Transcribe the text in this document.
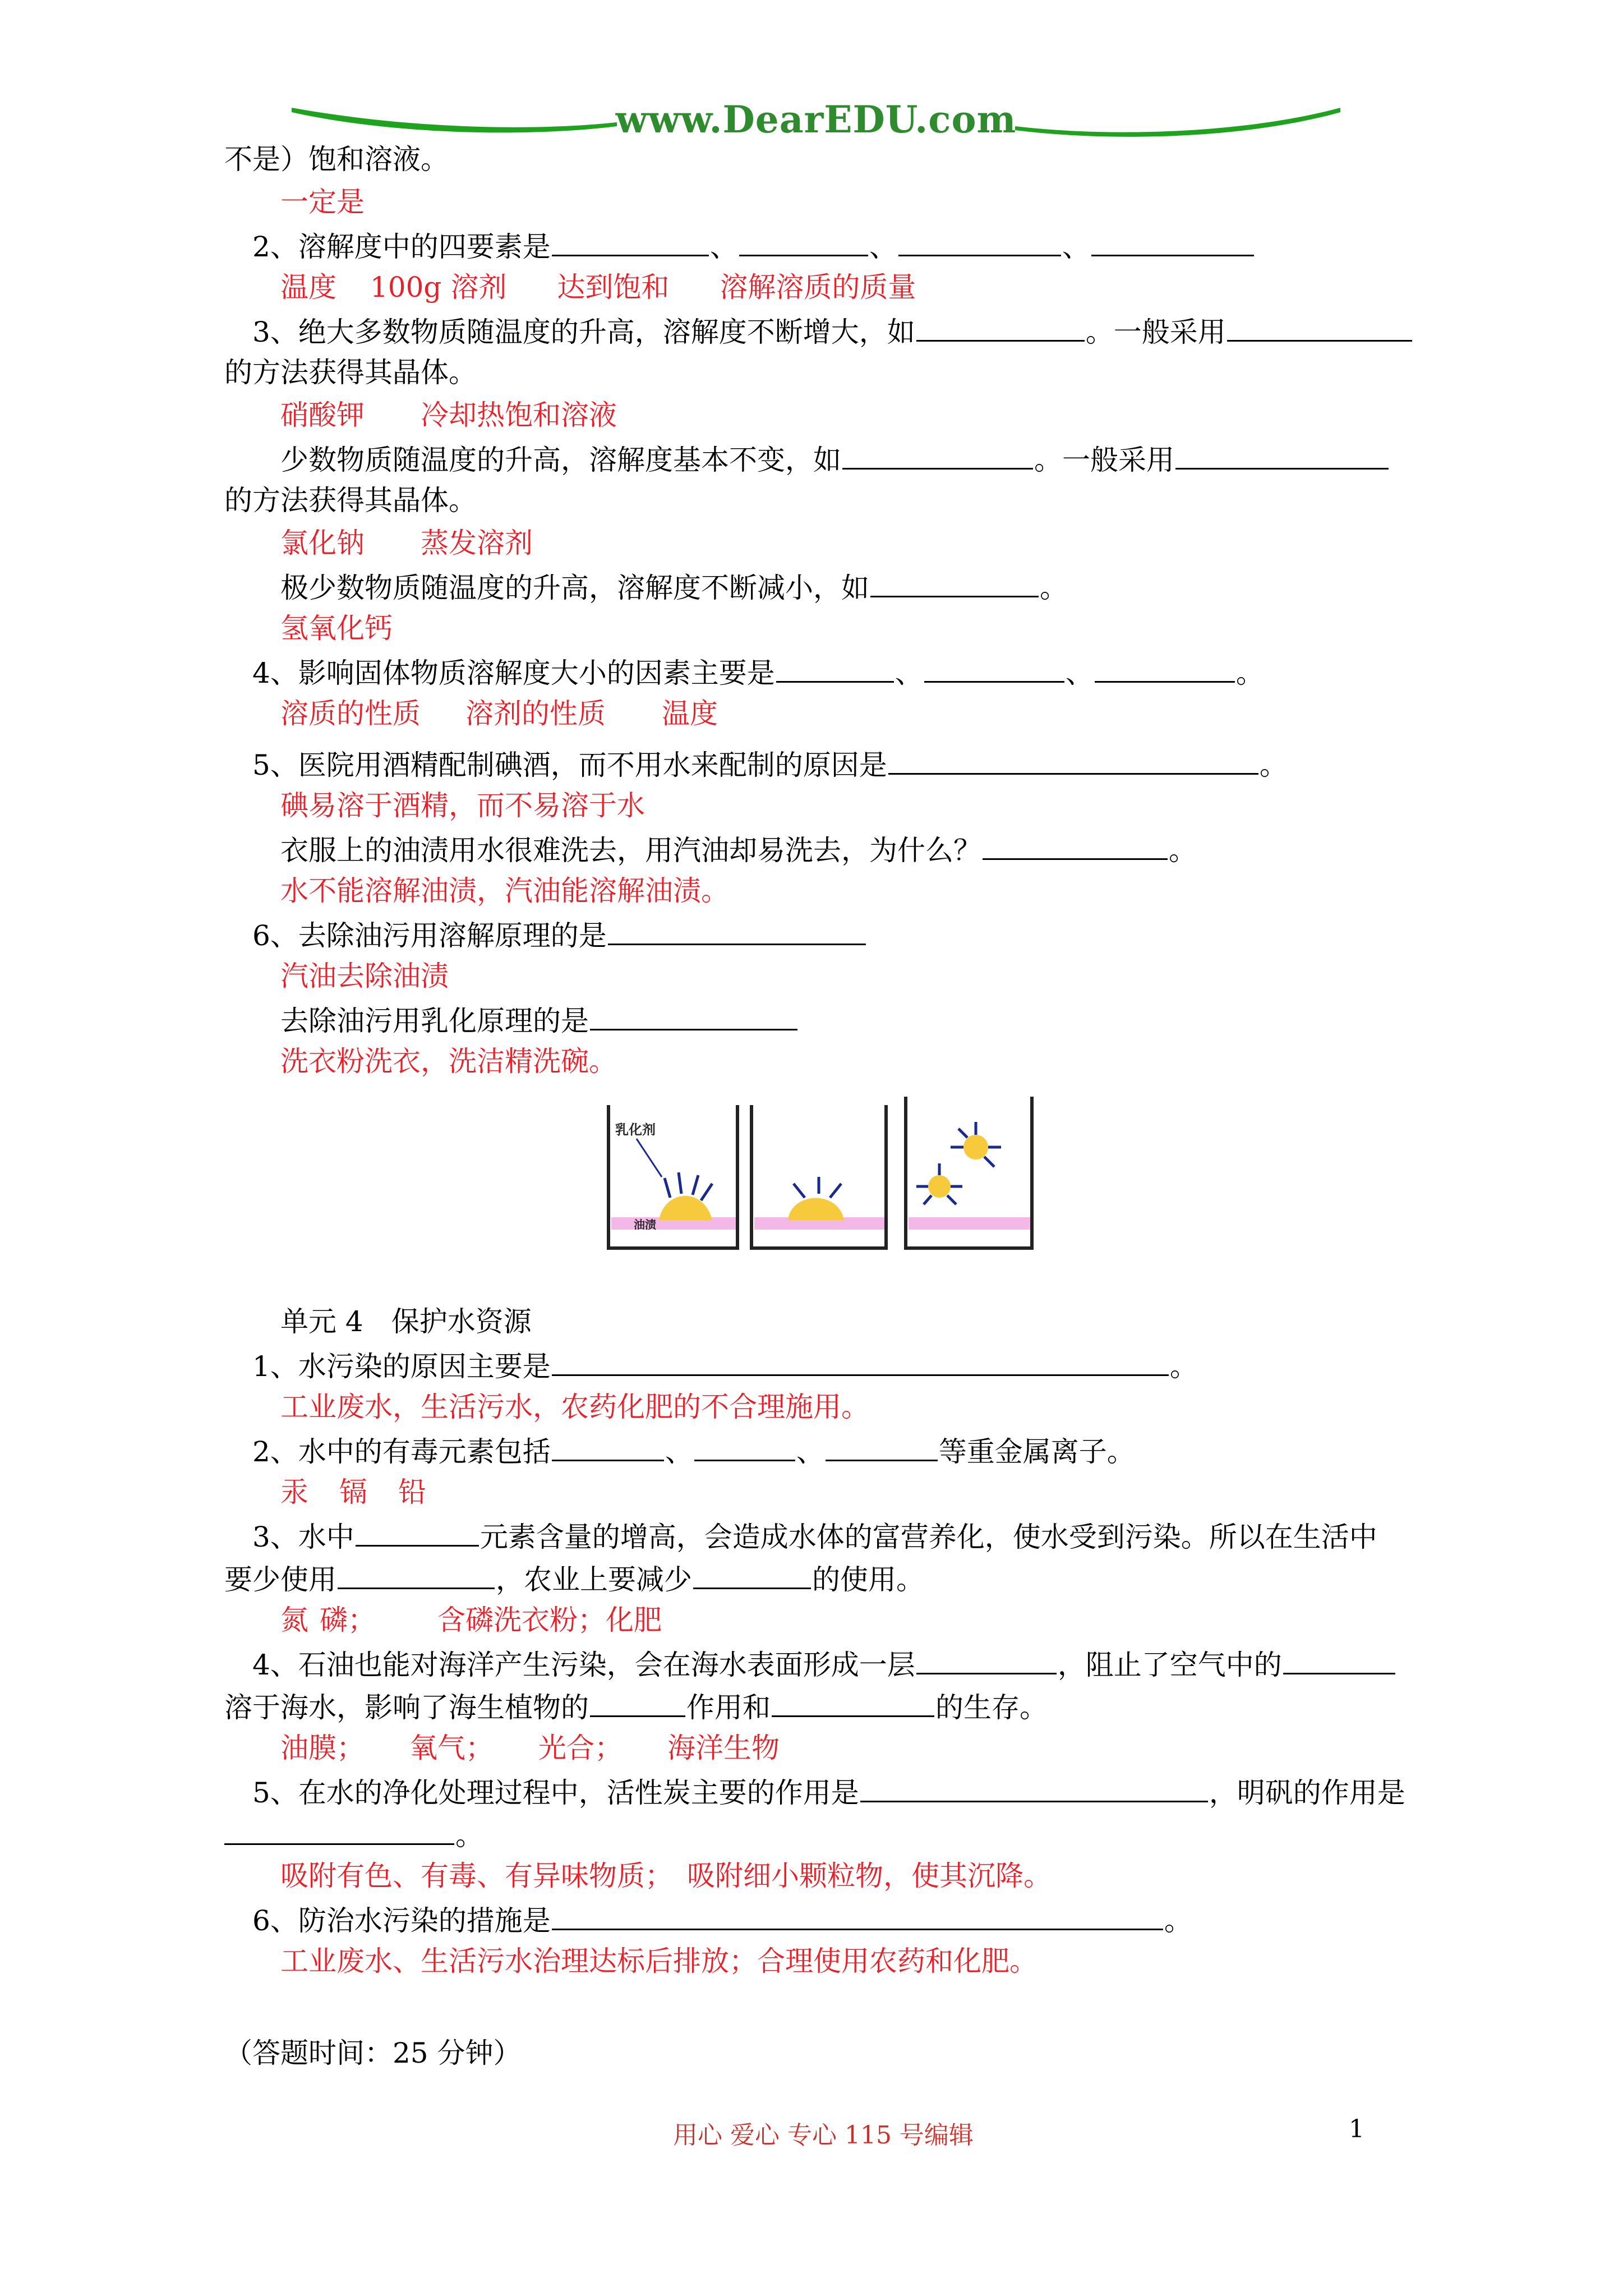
www.DearEDU.com
不是）饱和溶液。
一定是
2、溶解度中的四要素是	、	、	、
温度 100g 溶剂 达到饱和 溶解溶质的质量
3、绝大多数物质随温度的升高，溶解度不断增大，如	。一般采用
的方法获得其晶体。
硝酸钾 冷却热饱和溶液
少数物质随温度的升高，溶解度基本不变，如	。一般采用
的方法获得其晶体。
氯化钠 蒸发溶剂
极少数物质随温度的升高，溶解度不断减小，如	。
氢氧化钙
4、影响固体物质溶解度大小的因素主要是	、	、	。
溶质的性质 溶剂的性质 温度
5、医院用酒精配制碘酒，而不用水来配制的原因是	。
碘易溶于酒精，而不易溶于水
衣服上的油渍用水很难洗去，用汽油却易洗去，为什么？	。
水不能溶解油渍，汽油能溶解油渍。
6、去除油污用溶解原理的是
汽油去除油渍
去除油污用乳化原理的是
洗衣粉洗衣，洗洁精洗碗。
乳化剂
油渍
单元 4　保护水资源
1、水污染的原因主要是	。
工业废水，生活污水，农药化肥的不合理施用。
2、水中的有毒元素包括	、	、	等重金属离子。
汞 镉 铅
3、水中	元素含量的增高，会造成水体的富营养化，使水受到污染。所以在生活中
要少使用	，农业上要减少	的使用。
氮 磷； 含磷洗衣粉；化肥
4、石油也能对海洋产生污染，会在海水表面形成一层	，阻止了空气中的
溶于海水，影响了海生植物的	作用和	的生存。
油膜； 氧气； 光合； 海洋生物
5、在水的净化处理过程中，活性炭主要的作用是	，明矾的作用是
。
吸附有色、有毒、有异味物质；　吸附细小颗粒物，使其沉降。
6、防治水污染的措施是	。
工业废水、生活污水治理达标后排放；合理使用农药和化肥。
（答题时间：25 分钟）
用心 爱心 专心 115 号编辑	1
